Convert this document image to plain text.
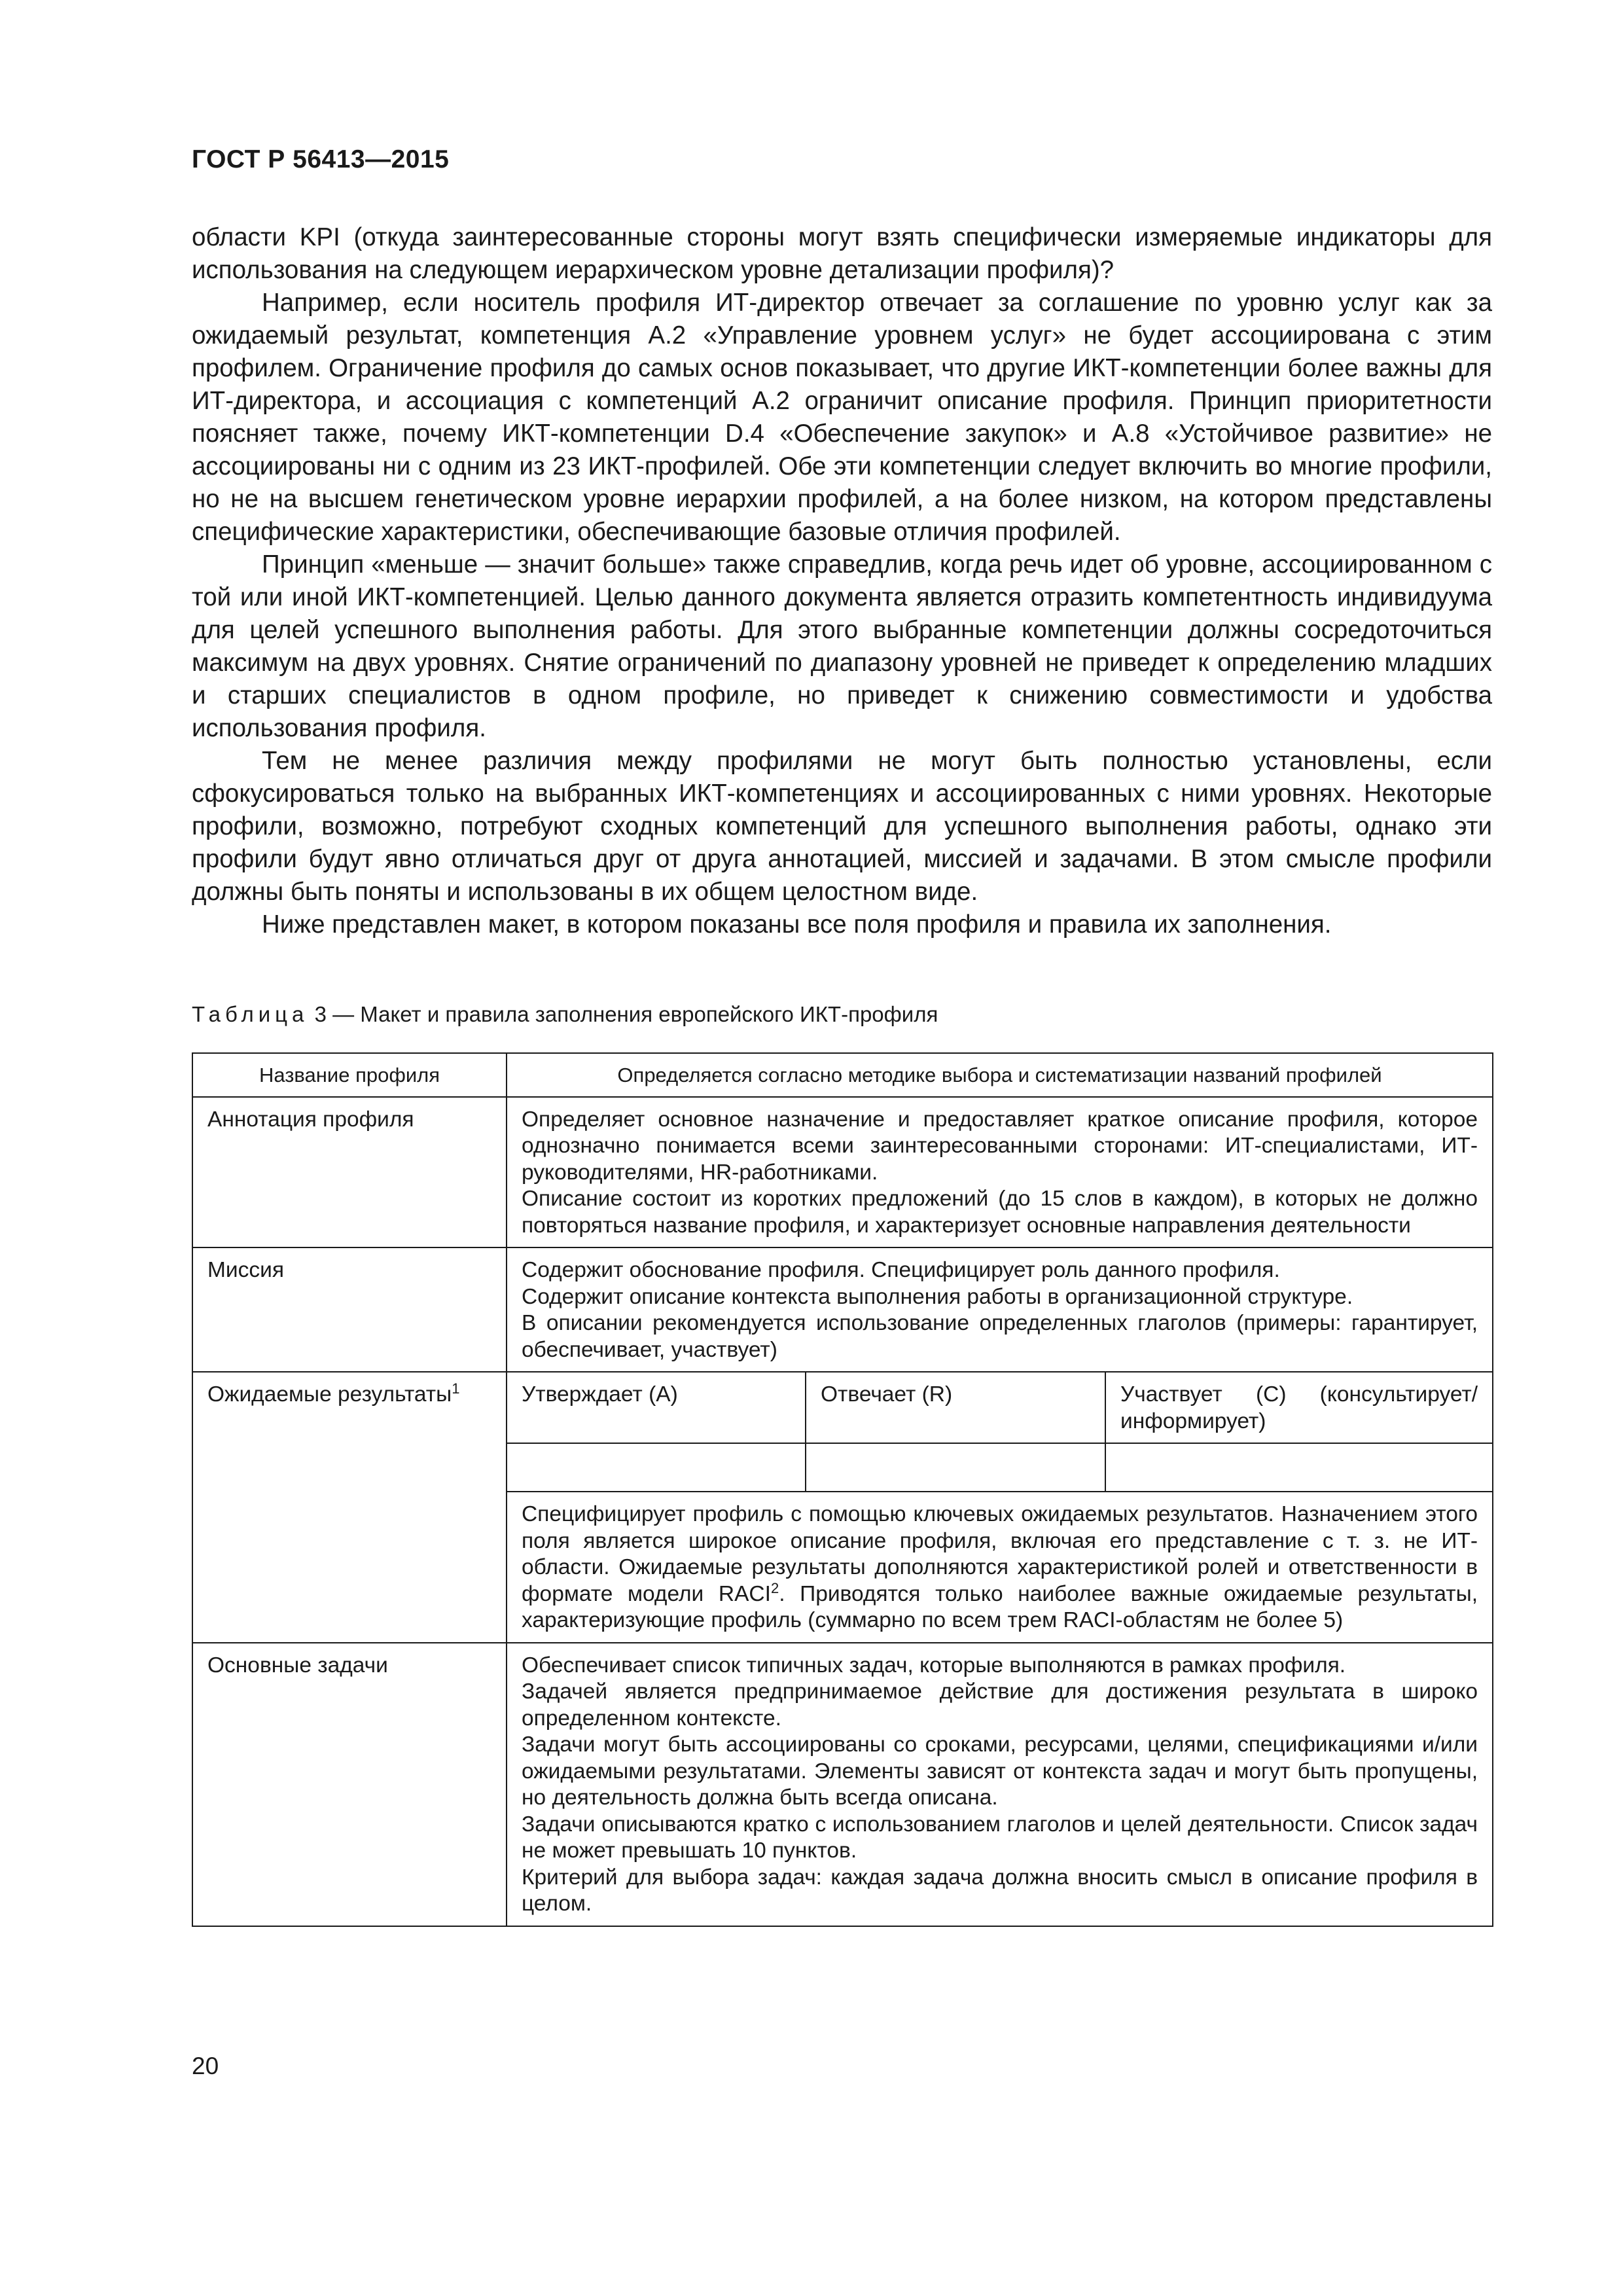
ГОСТ Р 56413—2015

области KPI (откуда заинтересованные стороны могут взять специфически измеряемые индикаторы для использования на следующем иерархическом уровне детализации профиля)?

Например, если носитель профиля ИТ-директор отвечает за соглашение по уровню услуг как за ожидаемый результат, компетенция А.2 «Управление уровнем услуг» не будет ассоциирована с этим профилем. Ограничение профиля до самых основ показывает, что другие ИКТ-компетенции более важны для ИТ-директора, и ассоциация с компетенций А.2 ограничит описание профиля. Принцип приоритетности поясняет также, почему ИКТ-компетенции D.4 «Обеспечение закупок» и А.8 «Устойчивое развитие» не ассоциированы ни с одним из 23 ИКТ-профилей. Обе эти компетенции следует включить во многие профили, но не на высшем генетическом уровне иерархии профилей, а на более низком, на котором представлены специфические характеристики, обеспечивающие базовые отличия профилей.

Принцип «меньше — значит больше» также справедлив, когда речь идет об уровне, ассоциированном с той или иной ИКТ-компетенцией. Целью данного документа является отразить компетентность индивидуума для целей успешного выполнения работы. Для этого выбранные компетенции должны сосредоточиться максимум на двух уровнях. Снятие ограничений по диапазону уровней не приведет к определению младших и старших специалистов в одном профиле, но приведет к снижению совместимости и удобства использования профиля.

Тем не менее различия между профилями не могут быть полностью установлены, если сфокусироваться только на выбранных ИКТ-компетенциях и ассоциированных с ними уровнях. Некоторые профили, возможно, потребуют сходных компетенций для успешного выполнения работы, однако эти профили будут явно отличаться друг от друга аннотацией, миссией и задачами. В этом смысле профили должны быть поняты и использованы в их общем целостном виде.

Ниже представлен макет, в котором показаны все поля профиля и правила их заполнения.

Таблица 3 — Макет и правила заполнения европейского ИКТ-профиля
Название профиля	Определяется согласно методике выбора и систематизации названий профилей		
Аннотация профиля	Определяет основное назначение и предоставляет краткое описание профиля, которое однозначно понимается всеми заинтересованными сторонами: ИТ-специалистами, ИТ-руководителями, HR-работниками.
Описание состоит из коротких предложений (до 15 слов в каждом), в которых не должно повторяться название профиля, и характеризует основные направления деятельности		

Миссия	Содержит обоснование профиля. Специфицирует роль данного профиля.
Содержит описание контекста выполнения работы в организационной структуре.
В описании рекомендуется использование определенных глаголов (примеры: гарантирует, обеспечивает, участвует)		

Ожидаемые результаты$^1$	Утверждает (A)	Отвечает (R)	Участвует (C) (консультирует/информирует)

	Специфицирует профиль с помощью ключевых ожидаемых результатов. Назначением этого поля является широкое описание профиля, включая его представление с т. з. не ИТ-области. Ожидаемые результаты дополняются характеристикой ролей и ответственности в формате модели RACI$^2$. Приводятся только наиболее важные ожидаемые результаты, характеризующие профиль (суммарно по всем трем RACI-областям не более 5)		
Основные задачи	Обеспечивает список типичных задач, которые выполняются в рамках профиля.
Задачей является предпринимаемое действие для достижения результата в широко определенном контексте.
Задачи могут быть ассоциированы со сроками, ресурсами, целями, спецификациями и/или ожидаемыми результатами. Элементы зависят от контекста задач и могут быть пропущены, но деятельность должна быть всегда описана.
Задачи описываются кратко с использованием глаголов и целей деятельности. Список задач не может превышать 10 пунктов.
Критерий для выбора задач: каждая задача должна вносить смысл в описание профиля в целом.		
20
